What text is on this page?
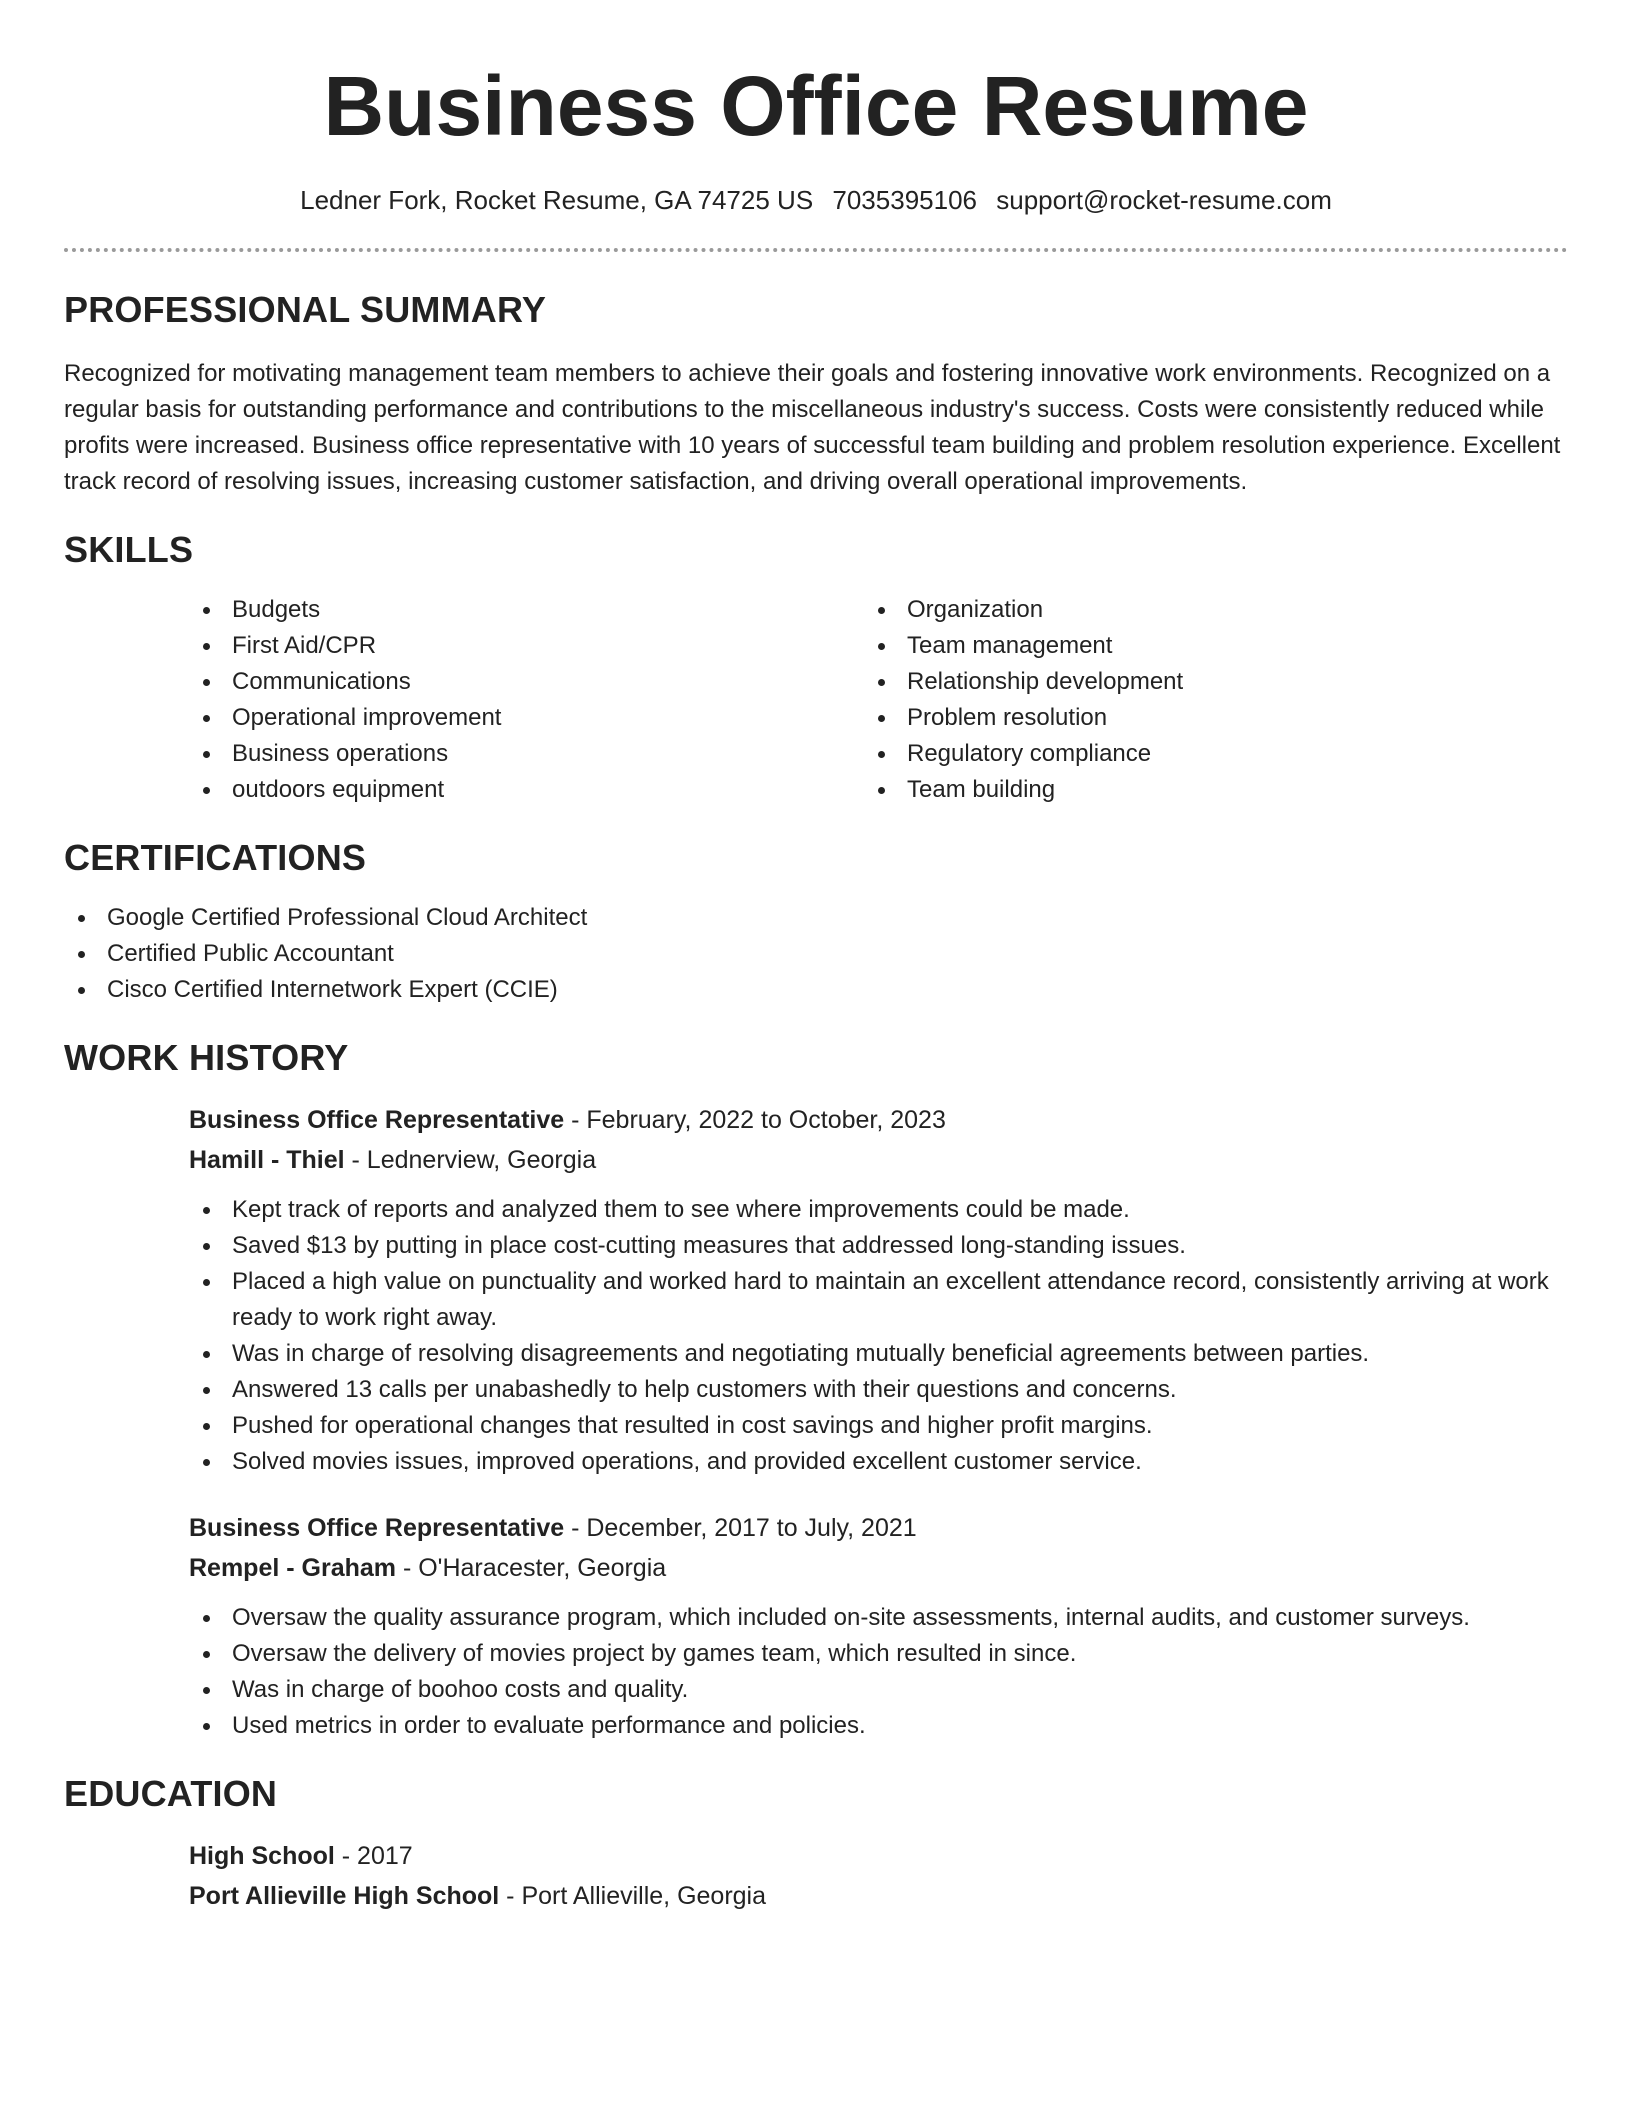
Business Office Resume
Ledner Fork, Rocket Resume, GA 74725 US 7035395106 support@rocket-resume.com
PROFESSIONAL SUMMARY

Recognized for motivating management team members to achieve their goals and fostering innovative work environments. Recognized on a regular basis for outstanding performance and contributions to the miscellaneous industry's success. Costs were consistently reduced while profits were increased. Business office representative with 10 years of successful team building and problem resolution experience. Excellent track record of resolving issues, increasing customer satisfaction, and driving overall operational improvements.

SKILLS
Budgets
First Aid/CPR
Communications
Operational improvement
Business operations
outdoors equipment
Organization
Team management
Relationship development
Problem resolution
Regulatory compliance
Team building
CERTIFICATIONS
Google Certified Professional Cloud Architect
Certified Public Accountant
Cisco Certified Internetwork Expert (CCIE)
WORK HISTORY
Business Office Representative - February, 2022 to October, 2023
Hamill - Thiel - Lednerview, Georgia
Kept track of reports and analyzed them to see where improvements could be made.
Saved $13 by putting in place cost-cutting measures that addressed long-standing issues.
Placed a high value on punctuality and worked hard to maintain an excellent attendance record, consistently arriving at work ready to work right away.
Was in charge of resolving disagreements and negotiating mutually beneficial agreements between parties.
Answered 13 calls per unabashedly to help customers with their questions and concerns.
Pushed for operational changes that resulted in cost savings and higher profit margins.
Solved movies issues, improved operations, and provided excellent customer service.
Business Office Representative - December, 2017 to July, 2021
Rempel - Graham - O'Haracester, Georgia
Oversaw the quality assurance program, which included on-site assessments, internal audits, and customer surveys.
Oversaw the delivery of movies project by games team, which resulted in since.
Was in charge of boohoo costs and quality.
Used metrics in order to evaluate performance and policies.
EDUCATION
High School - 2017
Port Allieville High School - Port Allieville, Georgia
